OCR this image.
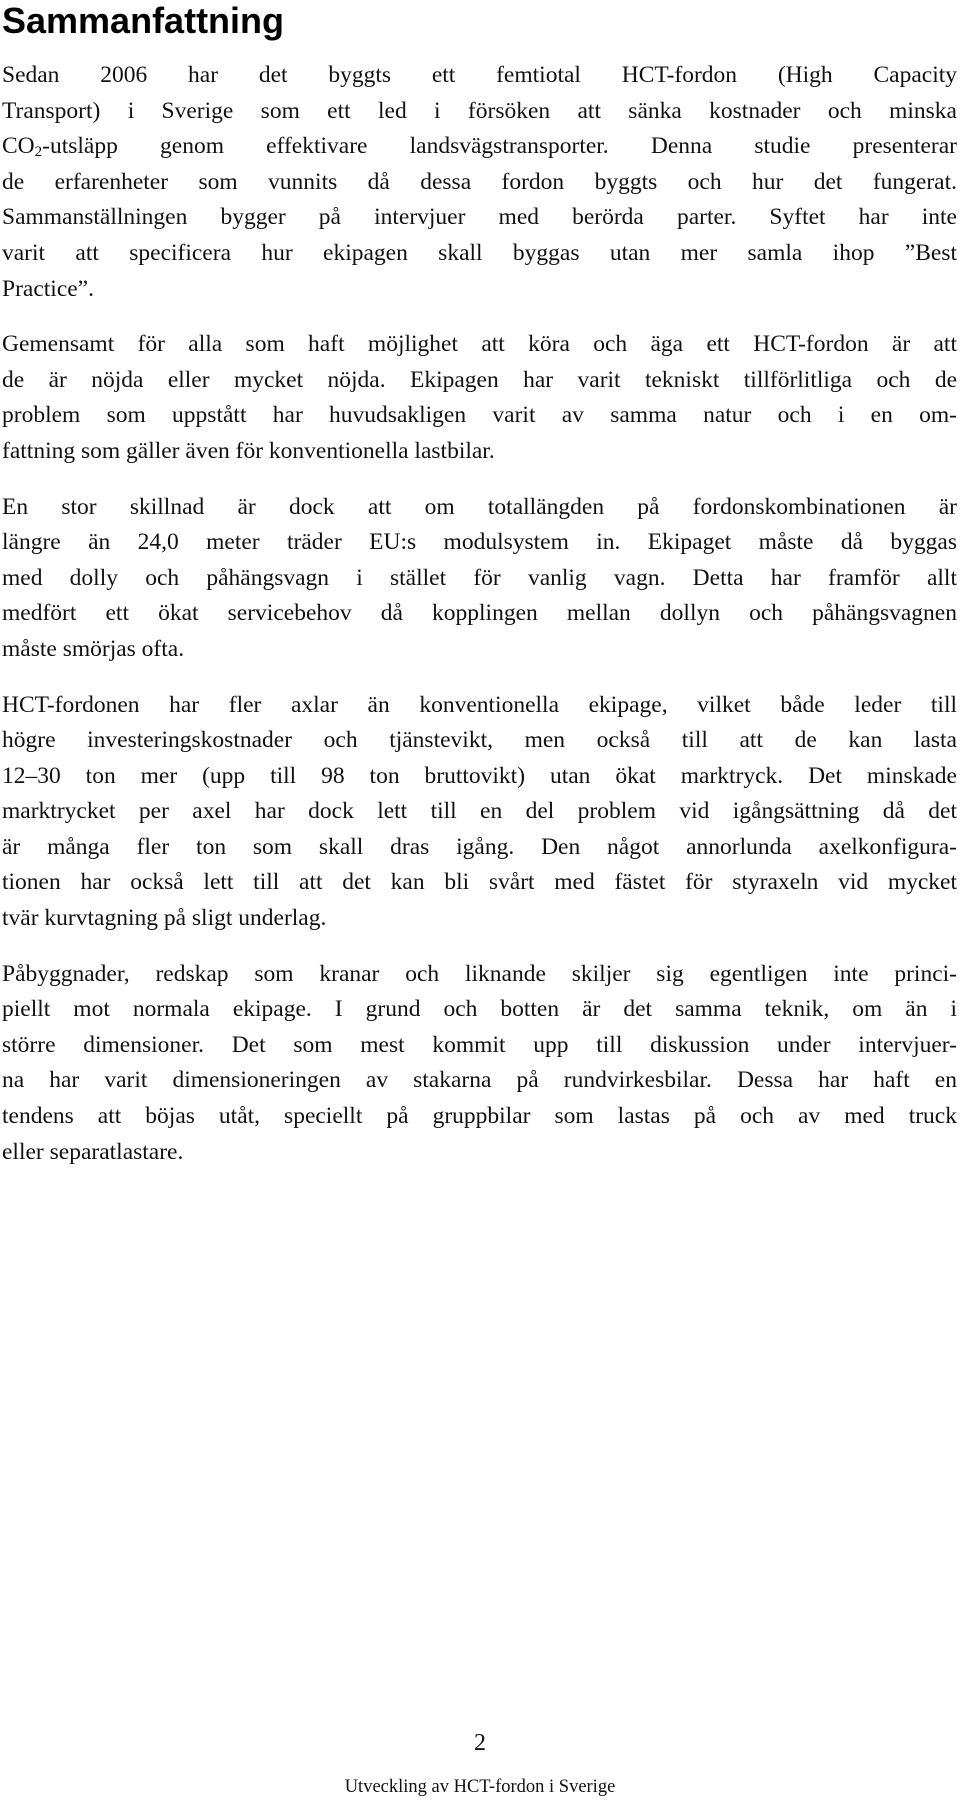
Sammanfattning

Sedan 2006 har det byggts ett femtiotal HCT-fordon (High Capacity
Transport) i Sverige som ett led i försöken att sänka kostnader och minska
$CO_2$-utsläpp genom effektivare landsvägstransporter. Denna studie presenterar
de erfarenheter som vunnits då dessa fordon byggts och hur det fungerat.
Sammanställningen bygger på intervjuer med berörda parter. Syftet har inte
varit att specificera hur ekipagen skall byggas utan mer samla ihop ”Best
Practice”.

Gemensamt för alla som haft möjlighet att köra och äga ett HCT-fordon är att
de är nöjda eller mycket nöjda. Ekipagen har varit tekniskt tillförlitliga och de
problem som uppstått har huvudsakligen varit av samma natur och i en om-
fattning som gäller även för konventionella lastbilar.

En stor skillnad är dock att om totallängden på fordonskombinationen är
längre än 24,0 meter träder EU:s modulsystem in. Ekipaget måste då byggas
med dolly och påhängsvagn i stället för vanlig vagn. Detta har framför allt
medfört ett ökat servicebehov då kopplingen mellan dollyn och påhängsvagnen
måste smörjas ofta.

HCT-fordonen har fler axlar än konventionella ekipage, vilket både leder till
högre investeringskostnader och tjänstevikt, men också till att de kan lasta
12–30 ton mer (upp till 98 ton bruttovikt) utan ökat marktryck. Det minskade
marktrycket per axel har dock lett till en del problem vid igångsättning då det
är många fler ton som skall dras igång. Den något annorlunda axelkonfigura-
tionen har också lett till att det kan bli svårt med fästet för styraxeln vid mycket
tvär kurvtagning på sligt underlag.

Påbyggnader, redskap som kranar och liknande skiljer sig egentligen inte princi-
piellt mot normala ekipage. I grund och botten är det samma teknik, om än i
större dimensioner. Det som mest kommit upp till diskussion under intervjuer-
na har varit dimensioneringen av stakarna på rundvirkesbilar. Dessa har haft en
tendens att böjas utåt, speciellt på gruppbilar som lastas på och av med truck
eller separatlastare.

2
Utveckling av HCT-fordon i Sverige
